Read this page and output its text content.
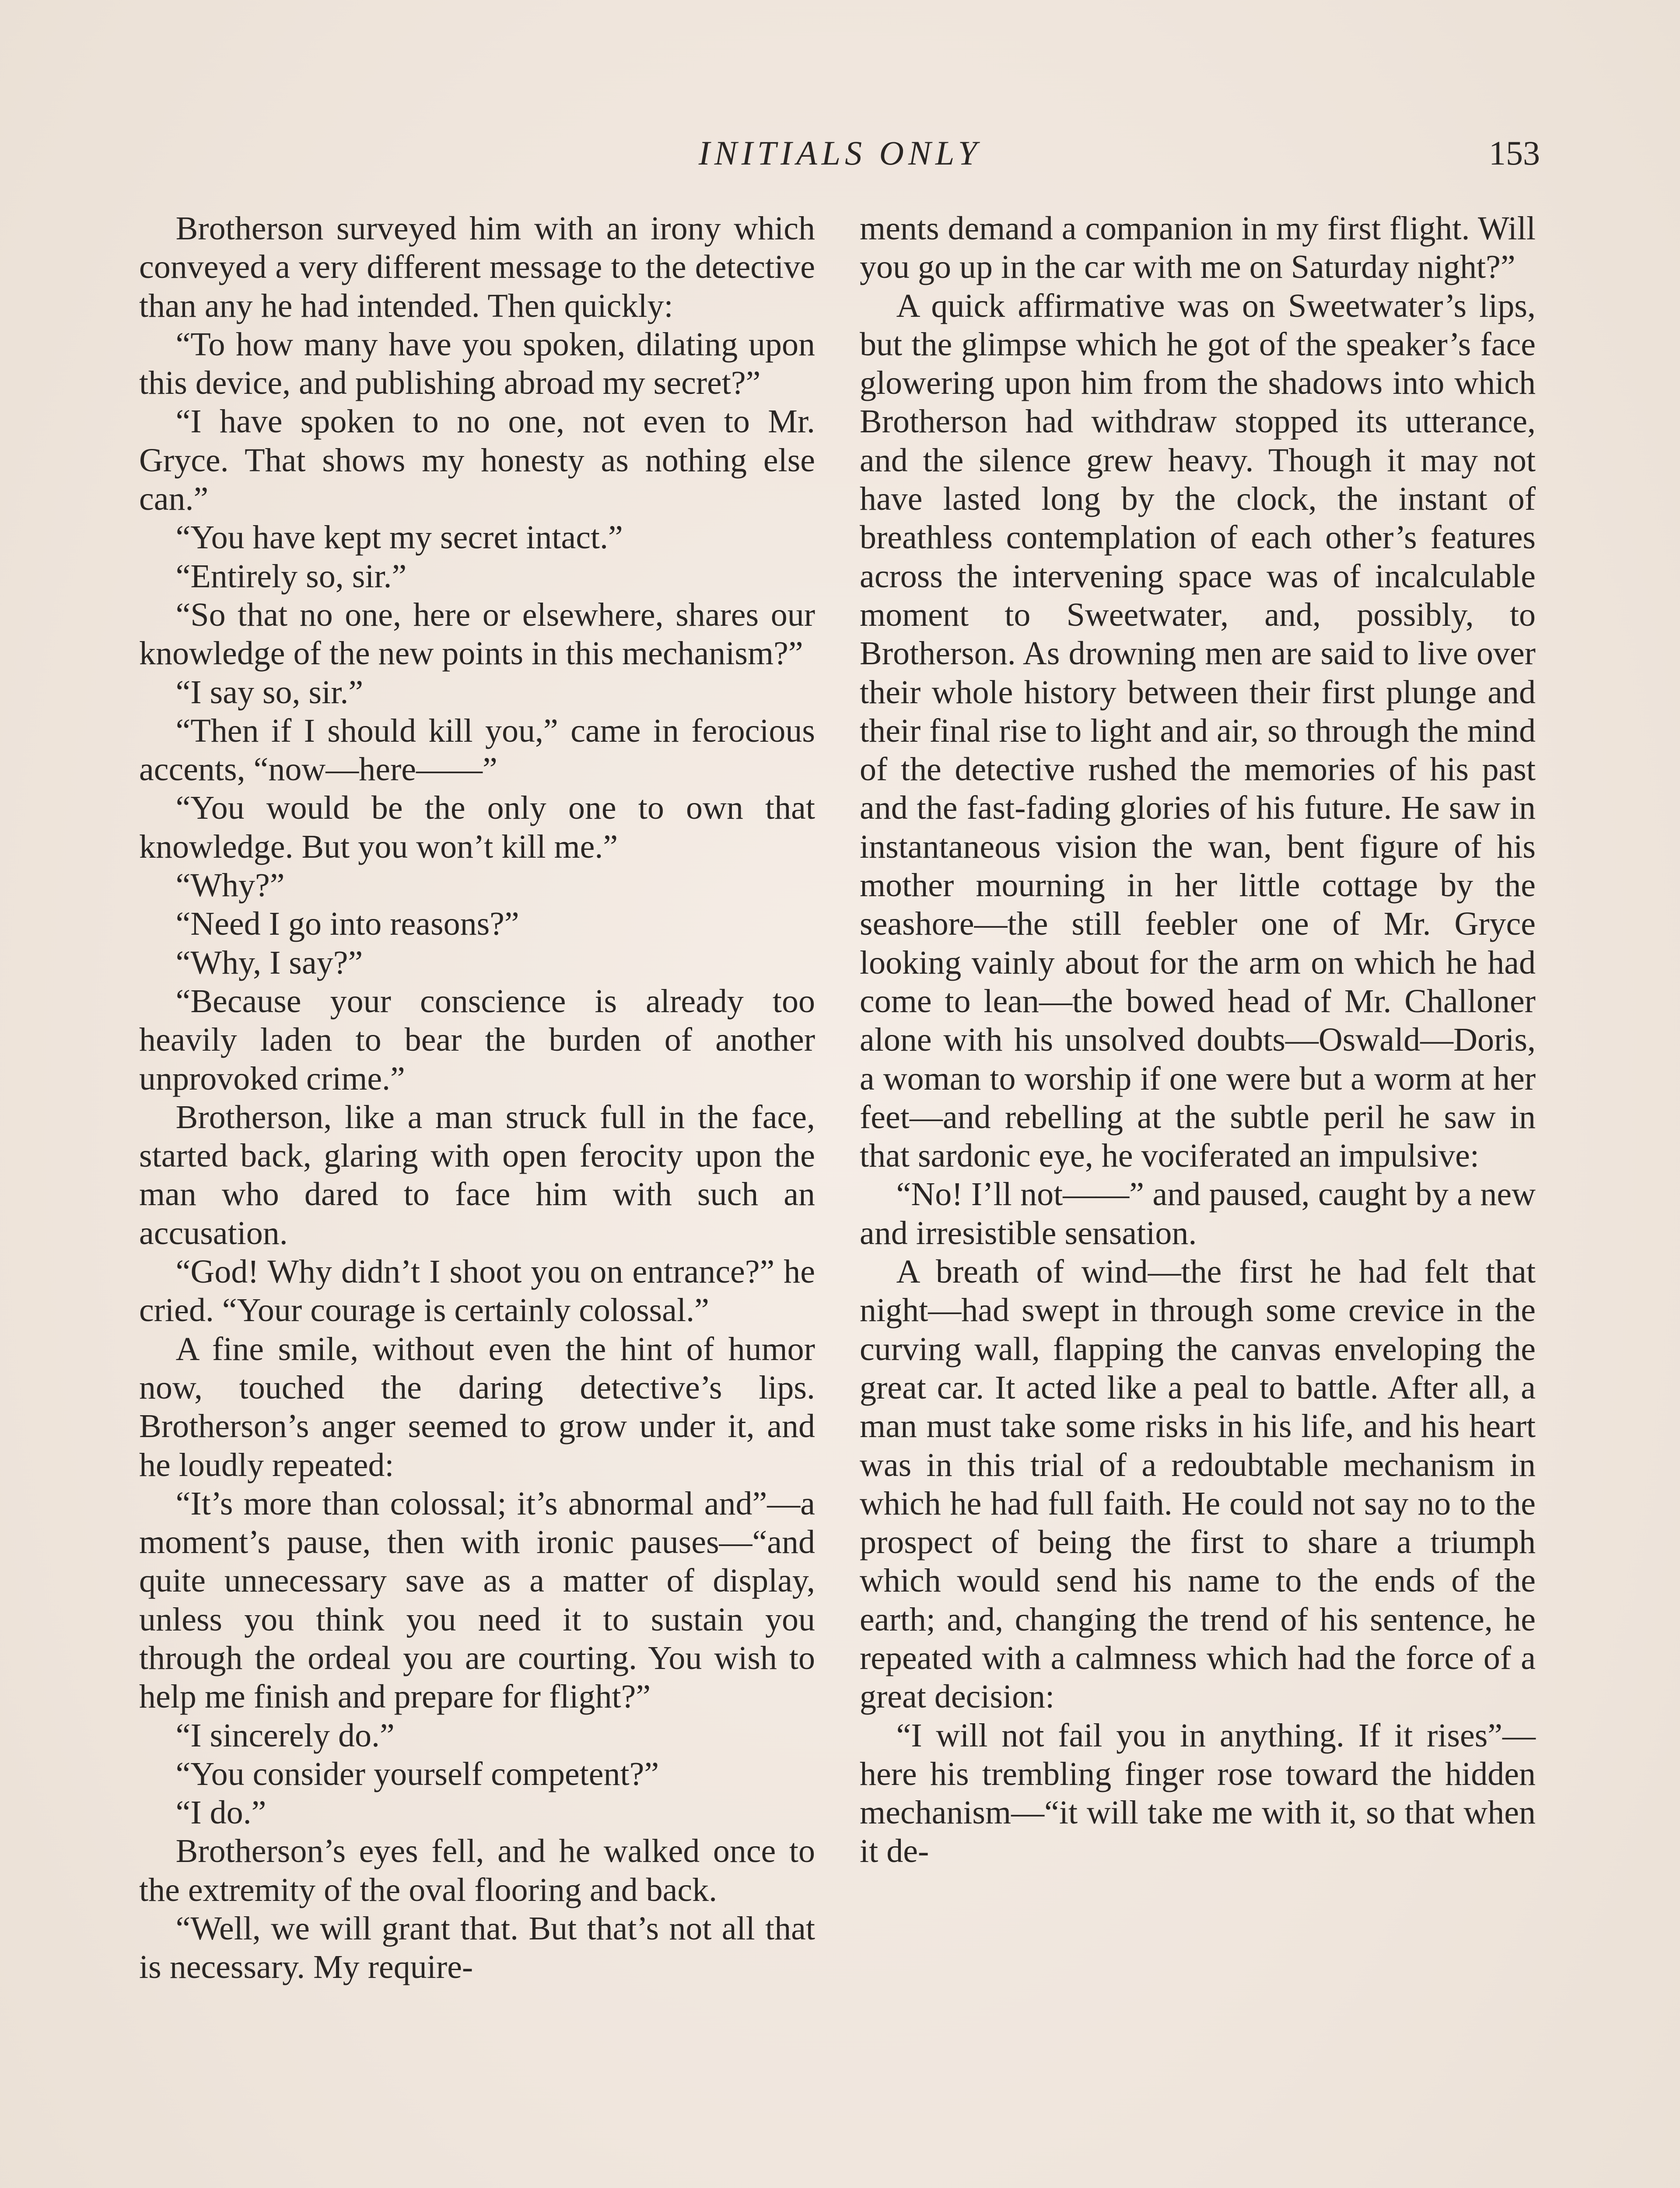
INITIALS ONLY	153

Brotherson surveyed him with an irony which conveyed a very different message to the detective than any he had intended. Then quickly:

“To how many have you spoken, dilating upon this device, and publishing abroad my secret?”

“I have spoken to no one, not even to Mr. Gryce. That shows my honesty as nothing else can.”

“You have kept my secret intact.”

“Entirely so, sir.”

“So that no one, here or elsewhere, shares our knowledge of the new points in this mechanism?”

“I say so, sir.”

“Then if I should kill you,” came in ferocious accents, “now—here——”

“You would be the only one to own that knowledge. But you won’t kill me.”

“Why?”

“Need I go into reasons?”

“Why, I say?”

“Because your conscience is already too heavily laden to bear the burden of another unprovoked crime.”

Brotherson, like a man struck full in the face, started back, glaring with open ferocity upon the man who dared to face him with such an accusation.

“God! Why didn’t I shoot you on entrance?” he cried. “Your courage is certainly colossal.”

A fine smile, without even the hint of humor now, touched the daring detective’s lips. Brotherson’s anger seemed to grow under it, and he loudly repeated:

“It’s more than colossal; it’s abnormal and”—a moment’s pause, then with ironic pauses—“and quite unnecessary save as a matter of display, unless you think you need it to sustain you through the ordeal you are courting. You wish to help me finish and prepare for flight?”

“I sincerely do.”

“You consider yourself competent?”

“I do.”

Brotherson’s eyes fell, and he walked once to the extremity of the oval flooring and back.

“Well, we will grant that. But that’s not all that is necessary. My require-

ments demand a companion in my first flight. Will you go up in the car with me on Saturday night?”

A quick affirmative was on Sweetwater’s lips, but the glimpse which he got of the speaker’s face glowering upon him from the shadows into which Brotherson had withdraw stopped its utterance, and the silence grew heavy. Though it may not have lasted long by the clock, the instant of breathless contemplation of each other’s features across the intervening space was of incalculable moment to Sweetwater, and, possibly, to Brotherson. As drowning men are said to live over their whole history between their first plunge and their final rise to light and air, so through the mind of the detective rushed the memories of his past and the fast-fading glories of his future. He saw in instantaneous vision the wan, bent figure of his mother mourning in her little cottage by the seashore—the still feebler one of Mr. Gryce looking vainly about for the arm on which he had come to lean—the bowed head of Mr. Challoner alone with his unsolved doubts—Oswald—Doris, a woman to worship if one were but a worm at her feet—and rebelling at the subtle peril he saw in that sardonic eye, he vociferated an impulsive:

“No! I’ll not——” and paused, caught by a new and irresistible sensation.

A breath of wind—the first he had felt that night—had swept in through some crevice in the curving wall, flapping the canvas enveloping the great car. It acted like a peal to battle. After all, a man must take some risks in his life, and his heart was in this trial of a redoubtable mechanism in which he had full faith. He could not say no to the prospect of being the first to share a triumph which would send his name to the ends of the earth; and, changing the trend of his sentence, he repeated with a calmness which had the force of a great decision:

“I will not fail you in anything. If it rises”—here his trembling finger rose toward the hidden mechanism—“it will take me with it, so that when it de-
